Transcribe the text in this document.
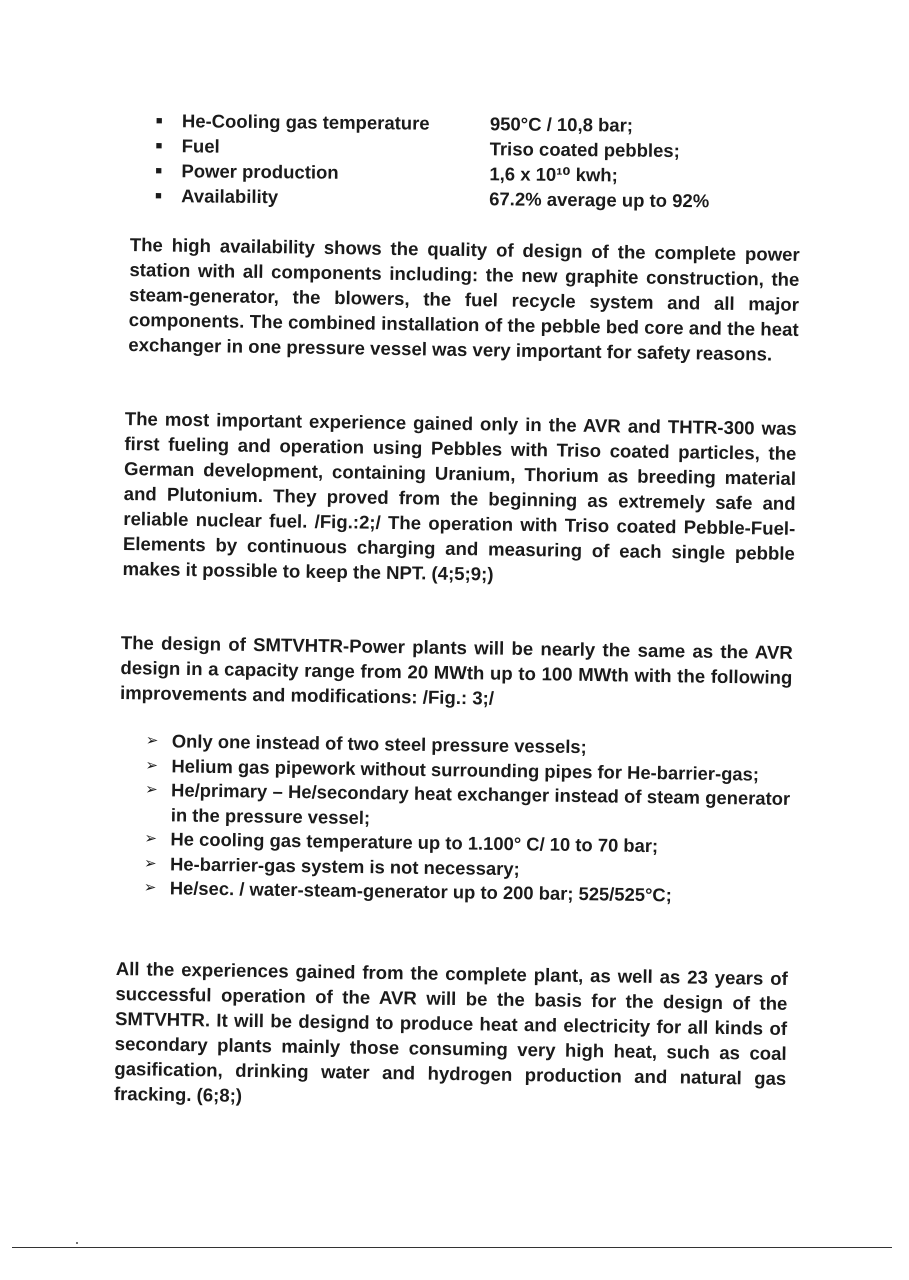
■	He-Cooling gas temperature	950°C / 10,8 bar;
■	Fuel	Triso coated pebbles;
■	Power production	1,6 x 10¹⁰ kwh;
■	Availability	67.2% average up to 92%

The high availability shows the quality of design of the complete power station with all components including: the new graphite construction, the steam-generator, the blowers, the fuel recycle system and all major components. The combined installation of the pebble bed core and the heat exchanger in one pressure vessel was very important for safety reasons.

The most important experience gained only in the AVR and THTR-300 was first fueling and operation using Pebbles with Triso coated particles, the German development, containing Uranium, Thorium as breeding material and Plutonium. They proved from the beginning as extremely safe and reliable nuclear fuel. /Fig.:2;/ The operation with Triso coated Pebble-Fuel-Elements by continuous charging and measuring of each single pebble makes it possible to keep the NPT. (4;5;9;)

The design of SMTVHTR-Power plants will be nearly the same as the AVR design in a capacity range from 20 MWth up to 100 MWth with the following improvements and modifications: /Fig.: 3;/

➢ Only one instead of two steel pressure vessels;
➢ Helium gas pipework without surrounding pipes for He-barrier-gas;
➢ He/primary – He/secondary heat exchanger instead of steam generator in the pressure vessel;
➢ He cooling gas temperature up to 1.100° C/ 10 to 70 bar;
➢ He-barrier-gas system is not necessary;
➢ He/sec. / water-steam-generator up to 200 bar; 525/525°C;

All the experiences gained from the complete plant, as well as 23 years of successful operation of the AVR will be the basis for the design of the SMTVHTR. It will be designd to produce heat and electricity for all kinds of secondary plants mainly those consuming very high heat, such as coal gasification, drinking water and hydrogen production and natural gas fracking. (6;8;)
